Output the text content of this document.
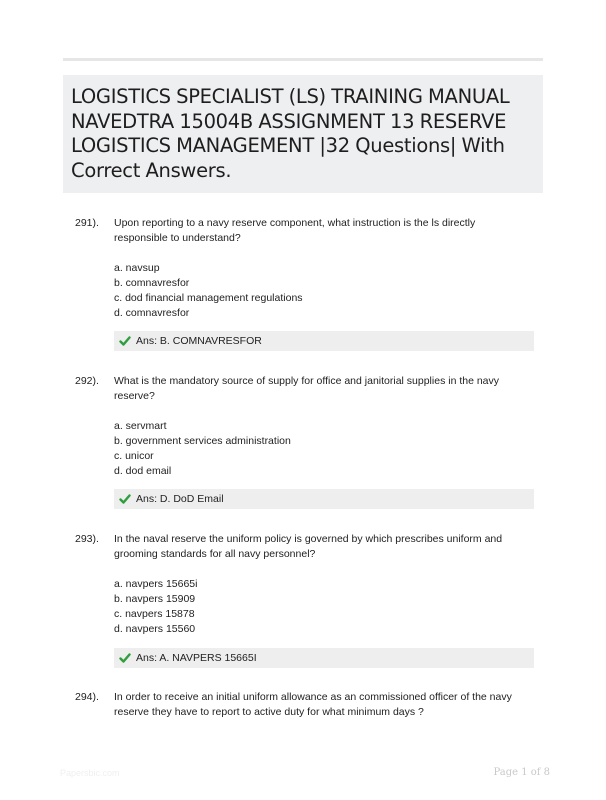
LOGISTICS SPECIALIST (LS) TRAINING MANUAL NAVEDTRA 15004B ASSIGNMENT 13 RESERVE LOGISTICS MANAGEMENT |32 Questions| With Correct Answers.

291). Upon reporting to a navy reserve component, what instruction is the ls directly responsible to understand?
a. navsup
b. comnavresfor
c. dod financial management regulations
d. comnavresfor
Ans: B. COMNAVRESFOR
292). What is the mandatory source of supply for office and janitorial supplies in the navy reserve?
a. servmart
b. government services administration
c. unicor
d. dod email
Ans: D. DoD Email
293). In the naval reserve the uniform policy is governed by which prescribes uniform and grooming standards for all navy personnel?
a. navpers 15665i
b. navpers 15909
c. navpers 15878
d. navpers 15560
Ans: A. NAVPERS 15665I
294). In order to receive an initial uniform allowance as an commissioned officer of the navy reserve they have to report to active duty for what minimum days ?
Papersbic.com	Page 1 of 8
